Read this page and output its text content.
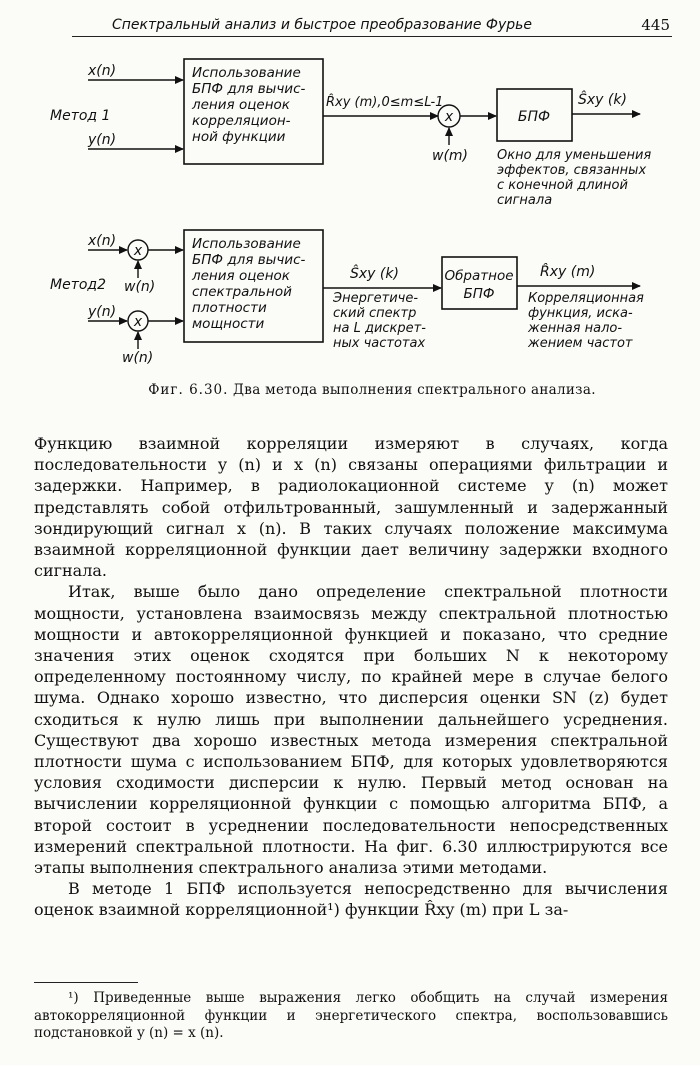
Спектральный анализ и быстрое преобразование Фурье	445
x
x
x
x(n)
Метод 1
y(n)
Использование
БПФ для вычис-
ления оценок
корреляцион-
ной функции
R̂xy (m),0≤m≤L-1
w(m)
БПФ
Ŝxy (k)
Окно для уменьшения
эффектов, связанных
с конечной длиной
сигнала
x(n)
Метод2 w(n)
y(n)
w(n)
Использование
БПФ для вычис-
ления оценок
спектральной
плотности
мощности
Ŝxy (k)
Энергетиче-
ский спектр
на L дискрет-
ных частотах
Обратное
БПФ
R̂xy (m)
Корреляционная
функция, иска-
женная нало-
жением частот
Фиг. 6.30. Два метода выполнения спектрального анализа.

Функцию взаимной корреляции измеряют в случаях, когда последовательности y (n) и x (n) связаны операциями фильтрации и задержки. Например, в радиолокационной системе y (n) может представлять собой отфильтрованный, зашумленный и задержанный зондирующий сигнал x (n). В таких случаях положение максимума взаимной корреляционной функции дает величину задержки входного сигнала.

Итак, выше было дано определение спектральной плотности мощности, установлена взаимосвязь между спектральной плотностью мощности и автокорреляционной функцией и показано, что средние значения этих оценок сходятся при больших N к некоторому определенному постоянному числу, по крайней мере в случае белого шума. Однако хорошо известно, что дисперсия оценки SN (z) будет сходиться к нулю лишь при выполнении дальнейшего усреднения. Существуют два хорошо известных метода измерения спектральной плотности шума с использованием БПФ, для которых удовлетворяются условия сходимости дисперсии к нулю. Первый метод основан на вычислении корреляционной функции с помощью алгоритма БПФ, а второй состоит в усреднении последовательности непосредственных измерений спектральной плотности. На фиг. 6.30 иллюстрируются все этапы выполнения спектрального анализа этими методами.

В методе 1 БПФ используется непосредственно для вычисления оценок взаимной корреляционной¹) функции R̂xy (m) при L за-

¹) Приведенные выше выражения легко обобщить на случай измерения автокорреляционной функции и энергетического спектра, воспользовавшись подстановкой y (n) = x (n).
